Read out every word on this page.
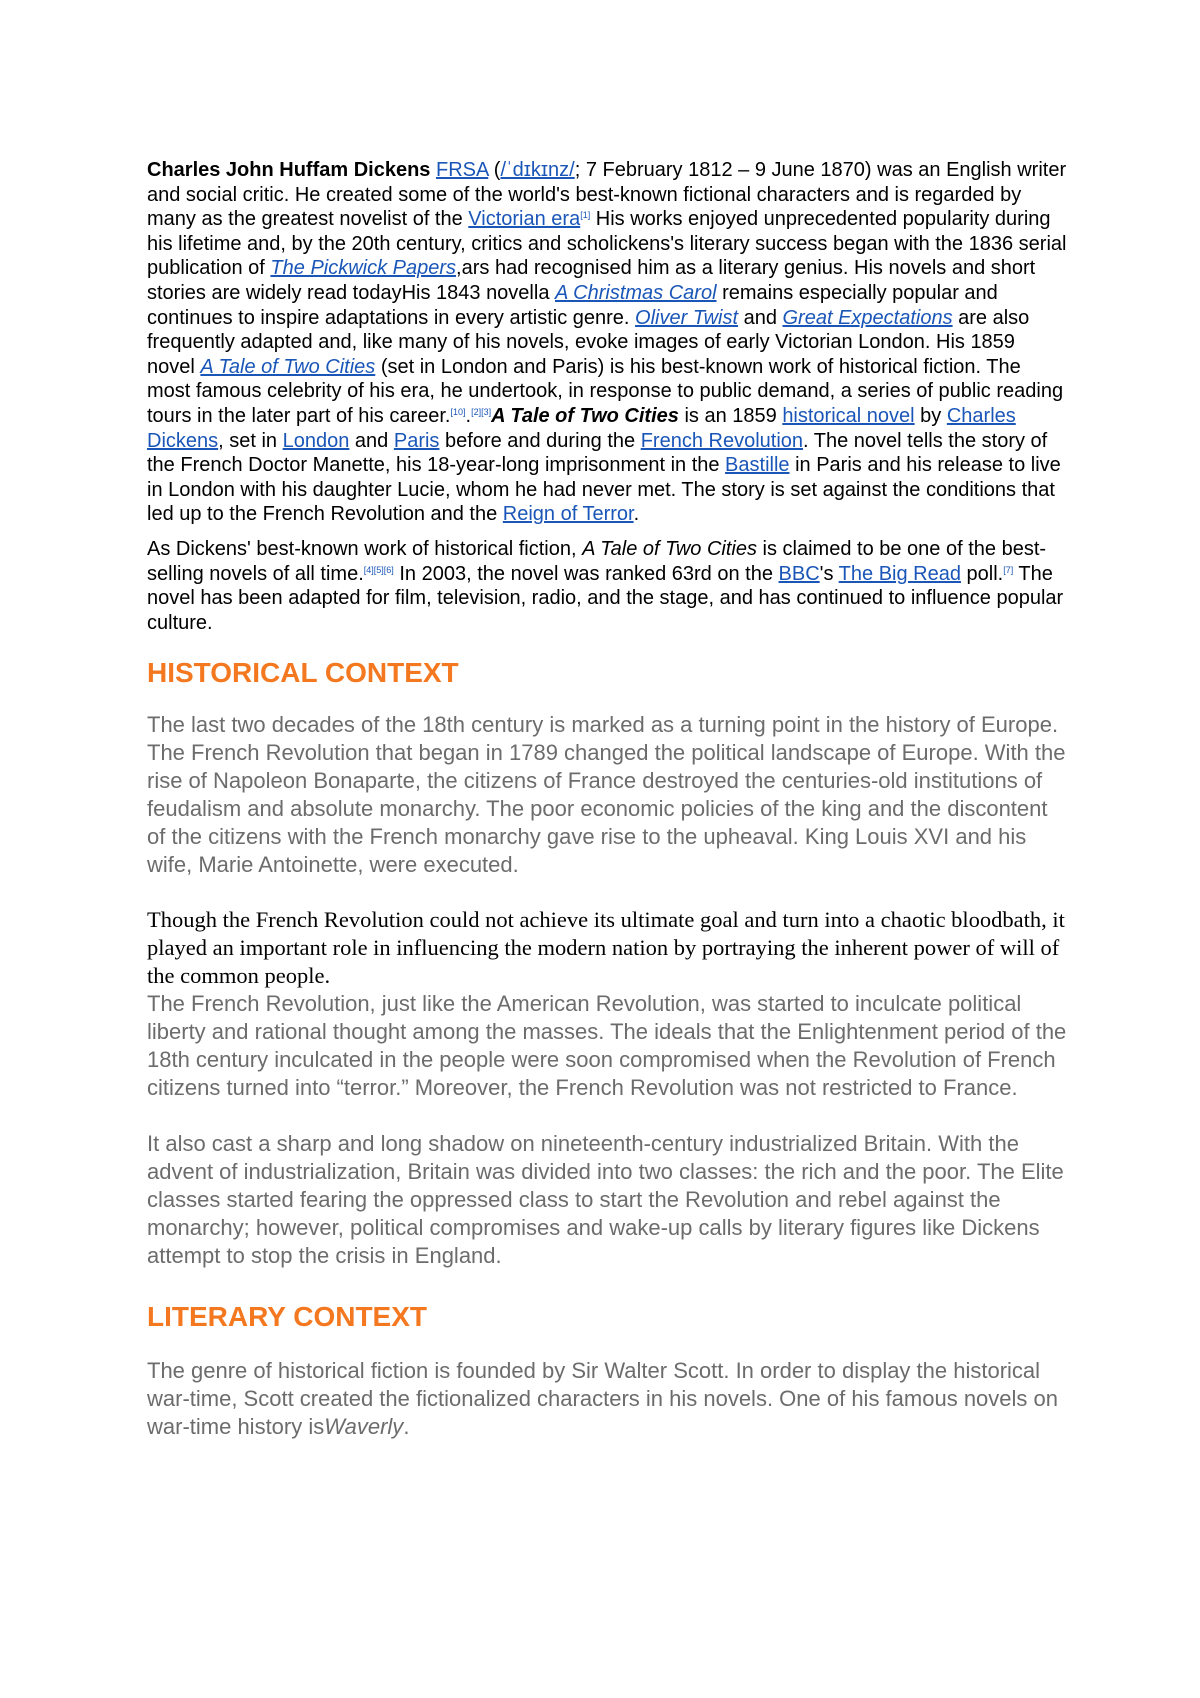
Charles John Huffam Dickens FRSA (/ˈdɪkɪnz/; 7 February 1812 – 9 June 1870) was an English writer and social critic. He created some of the world's best-known fictional characters and is regarded by many as the greatest novelist of the Victorian era[1] His works enjoyed unprecedented popularity during his lifetime and, by the 20th century, critics and scholickens's literary success began with the 1836 serial publication of The Pickwick Papers,ars had recognised him as a literary genius. His novels and short stories are widely read todayHis 1843 novella A Christmas Carol remains especially popular and continues to inspire adaptations in every artistic genre. Oliver Twist and Great Expectations are also frequently adapted and, like many of his novels, evoke images of early Victorian London. His 1859 novel A Tale of Two Cities (set in London and Paris) is his best-known work of historical fiction. The most famous celebrity of his era, he undertook, in response to public demand, a series of public reading tours in the later part of his career.[10].[2][3]A Tale of Two Cities is an 1859 historical novel by Charles Dickens, set in London and Paris before and during the French Revolution. The novel tells the story of the French Doctor Manette, his 18-year-long imprisonment in the Bastille in Paris and his release to live in London with his daughter Lucie, whom he had never met. The story is set against the conditions that led up to the French Revolution and the Reign of Terror.

As Dickens' best-known work of historical fiction, A Tale of Two Cities is claimed to be one of the best-selling novels of all time.[4][5][6] In 2003, the novel was ranked 63rd on the BBC's The Big Read poll.[7] The novel has been adapted for film, television, radio, and the stage, and has continued to influence popular culture.

HISTORICAL CONTEXT

The last two decades of the 18th century is marked as a turning point in the history of Europe. The French Revolution that began in 1789 changed the political landscape of Europe. With the rise of Napoleon Bonaparte, the citizens of France destroyed the centuries-old institutions of feudalism and absolute monarchy. The poor economic policies of the king and the discontent of the citizens with the French monarchy gave rise to the upheaval. King Louis XVI and his wife, Marie Antoinette, were executed.

Though the French Revolution could not achieve its ultimate goal and turn into a chaotic bloodbath, it played an important role in influencing the modern nation by portraying the inherent power of will of the common people.

The French Revolution, just like the American Revolution, was started to inculcate political liberty and rational thought among the masses. The ideals that the Enlightenment period of the 18th century inculcated in the people were soon compromised when the Revolution of French citizens turned into “terror.” Moreover, the French Revolution was not restricted to France.

It also cast a sharp and long shadow on nineteenth-century industrialized Britain. With the advent of industrialization, Britain was divided into two classes: the rich and the poor. The Elite classes started fearing the oppressed class to start the Revolution and rebel against the monarchy; however, political compromises and wake-up calls by literary figures like Dickens attempt to stop the crisis in England.

LITERARY CONTEXT

The genre of historical fiction is founded by Sir Walter Scott. In order to display the historical war-time, Scott created the fictionalized characters in his novels. One of his famous novels on war-time history isWaverly.
